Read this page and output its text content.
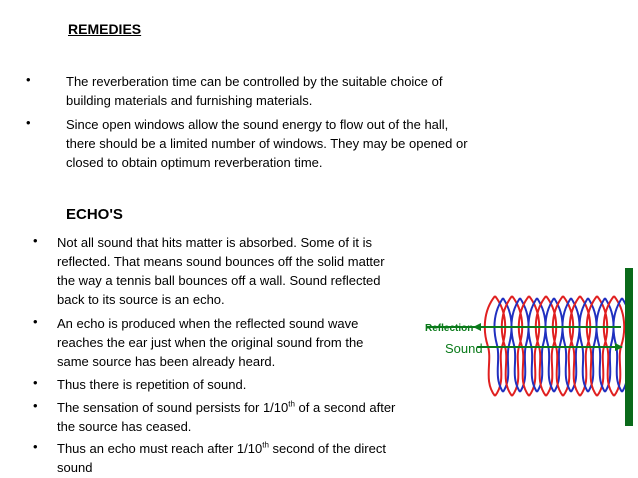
REMEDIES
•	The reverberation time can be controlled by the suitable choice of
building materials and furnishing materials.
•	Since open windows allow the sound energy to flow out of the hall,
there should be a limited number of windows. They may be opened or
closed to obtain optimum reverberation time.
ECHO'S
• Not all sound that hits matter is absorbed. Some of it is
reflected. That means sound bounces off the solid matter
the way a tennis ball bounces off a wall. Sound reflected
back to its source is an echo.
• An echo is produced when the reflected sound wave
reaches the ear just when the original sound from the
same source has been already heard.
• Thus there is repetition of sound.
• The sensation of sound persists for 1/10th of a second after
the source has ceased.
• Thus an echo must reach after 1/10th second of the direct
sound
Reflection
Sound
